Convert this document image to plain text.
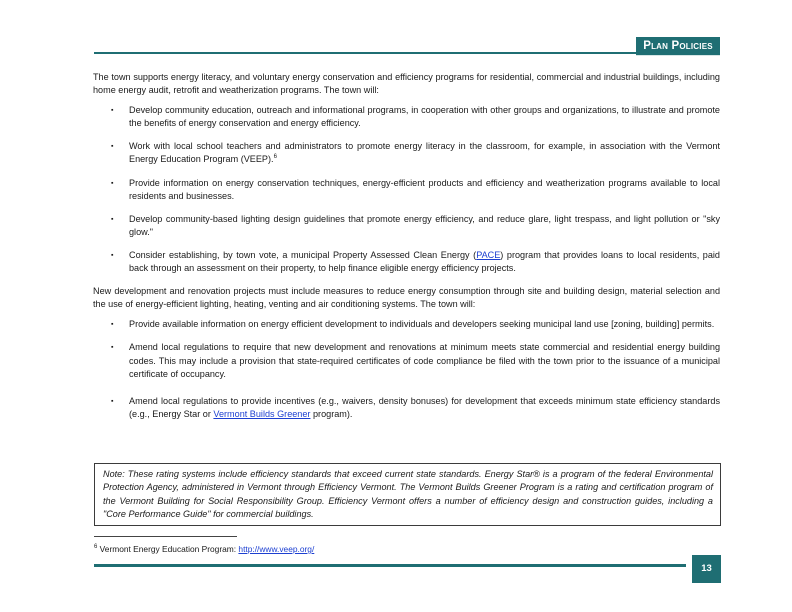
Plan Policies

The town supports energy literacy, and voluntary energy conservation and efficiency programs for residential, commercial and industrial buildings, including home energy audit, retrofit and weatherization programs. The town will:

▪ Develop community education, outreach and informational programs, in cooperation with other groups and organizations, to illustrate and promote the benefits of energy conservation and energy efficiency.
▪ Work with local school teachers and administrators to promote energy literacy in the classroom, for example, in association with the Vermont Energy Education Program (VEEP).$^6$
▪ Provide information on energy conservation techniques, energy-efficient products and efficiency and weatherization programs available to local residents and businesses.
▪ Develop community-based lighting design guidelines that promote energy efficiency, and reduce glare, light trespass, and light pollution or "sky glow."
▪ Consider establishing, by town vote, a municipal Property Assessed Clean Energy (PACE) program that provides loans to local residents, paid back through an assessment on their property, to help finance eligible energy efficiency projects.

New development and renovation projects must include measures to reduce energy consumption through site and building design, material selection and the use of energy-efficient lighting, heating, venting and air conditioning systems. The town will:

▪ Provide available information on energy efficient development to individuals and developers seeking municipal land use [zoning, building] permits.
▪ Amend local regulations to require that new development and renovations at minimum meets state commercial and residential energy building codes. This may include a provision that state-required certificates of code compliance be filed with the town prior to the issuance of a municipal certificate of occupancy.
▪ Amend local regulations to provide incentives (e.g., waivers, density bonuses) for development that exceeds minimum state efficiency standards (e.g., Energy Star or Vermont Builds Greener program).
Note: These rating systems include efficiency standards that exceed current state standards. Energy Star® is a program of the federal Environmental Protection Agency, administered in Vermont through Efficiency Vermont. The Vermont Builds Greener Program is a rating and certification program of the Vermont Building for Social Responsibility Group. Efficiency Vermont offers a number of efficiency design and construction guides, including a "Core Performance Guide" for commercial buildings.
$^6$ Vermont Energy Education Program: http://www.veep.org/
13
